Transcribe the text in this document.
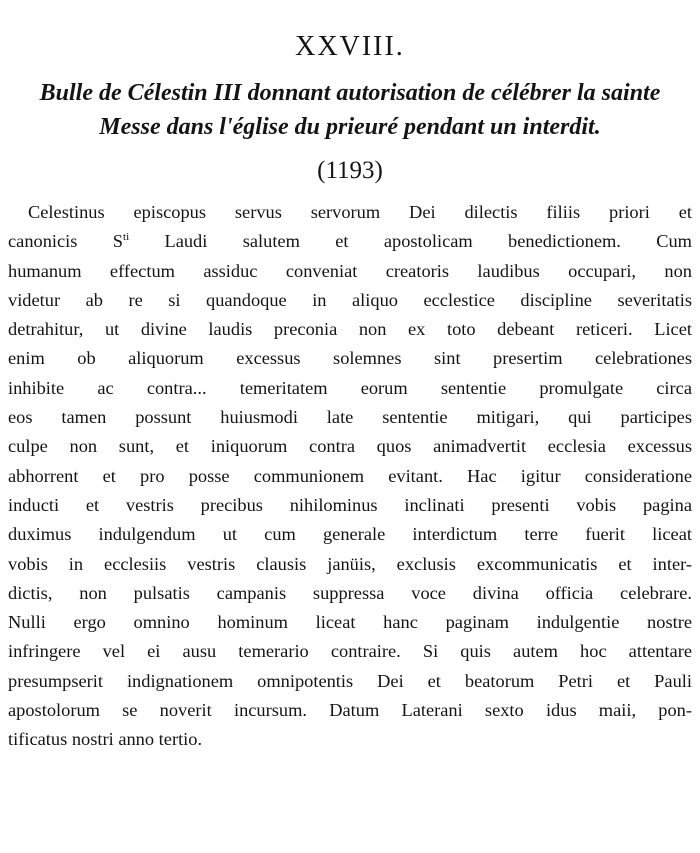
XXVIII.
Bulle de Célestin III donnant autorisation de célébrer la sainte
Messe dans l'église du prieuré pendant un interdit.
(1193)
Celestinus episcopus servus servorum Dei dilectis filiis priori et
canonicis $S^{ti}$ Laudi salutem et apostolicam benedictionem. Cum
humanum effectum assiduc conveniat creatoris laudibus occupari, non
videtur ab re si quandoque in aliquo ecclestice discipline severitatis
detrahitur, ut divine laudis preconia non ex toto debeant reticeri. Licet
enim ob aliquorum excessus solemnes sint presertim celebrationes
inhibite ac contra... temeritatem eorum sententie promulgate circa
eos tamen possunt huiusmodi late sententie mitigari, qui participes
culpe non sunt, et iniquorum contra quos animadvertit ecclesia excessus
abhorrent et pro posse communionem evitant. Hac igitur consideratione
inducti et vestris precibus nihilominus inclinati presenti vobis pagina
duximus indulgendum ut cum generale interdictum terre fuerit liceat
vobis in ecclesiis vestris clausis janüis, exclusis excommunicatis et inter-
dictis, non pulsatis campanis suppressa voce divina officia celebrare.
Nulli ergo omnino hominum liceat hanc paginam indulgentie nostre
infringere vel ei ausu temerario contraire. Si quis autem hoc attentare
presumpserit indignationem omnipotentis Dei et beatorum Petri et Pauli
apostolorum se noverit incursum. Datum Laterani sexto idus maii, pon-
tificatus nostri anno tertio.
